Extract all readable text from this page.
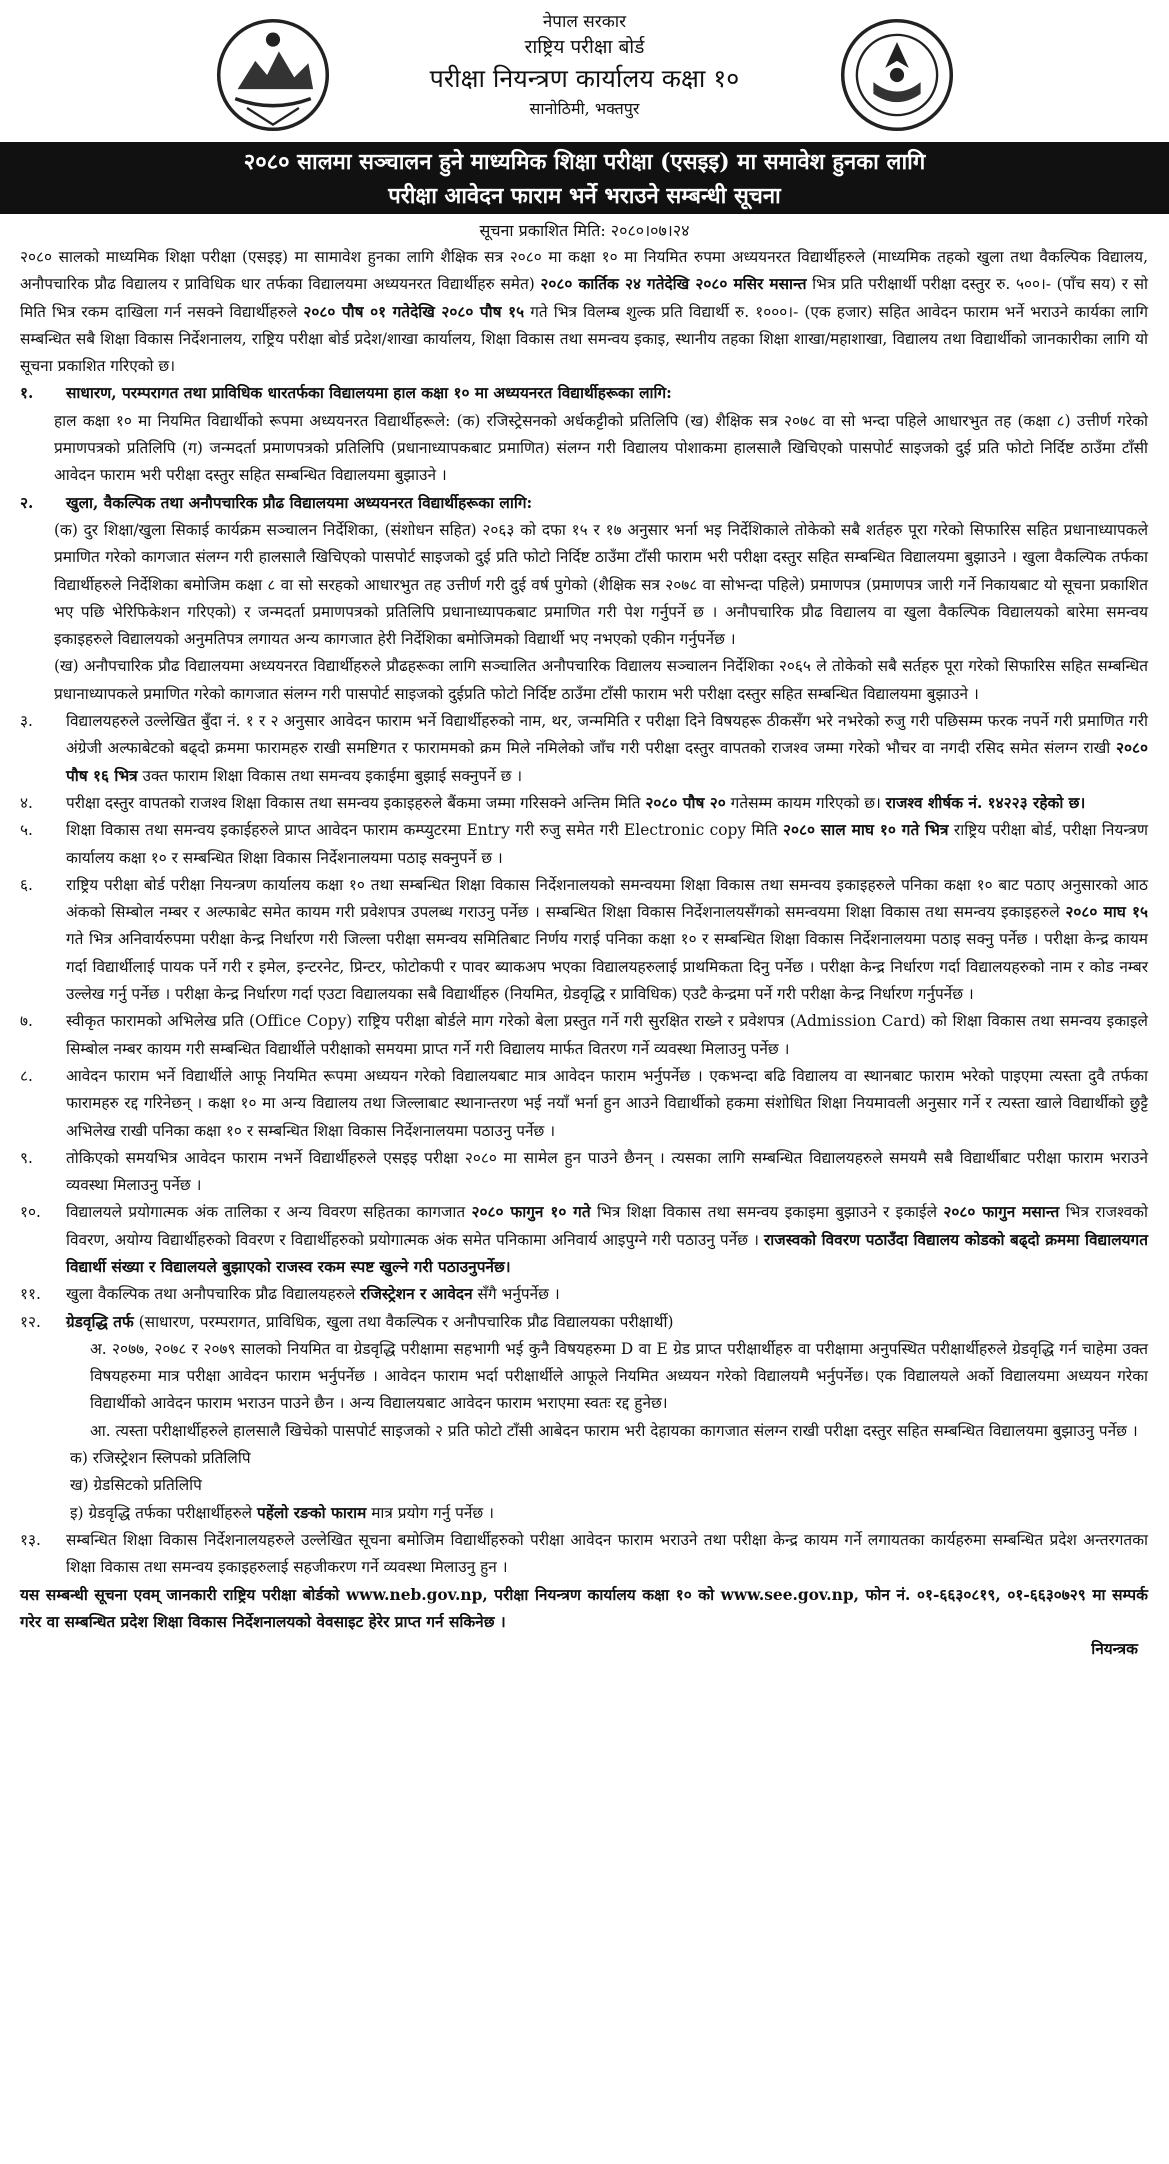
नेपाल सरकार
राष्ट्रिय परीक्षा बोर्ड
परीक्षा नियन्त्रण कार्यालय कक्षा १०
सानोठिमी, भक्तपुर
२०८० सालमा सञ्चालन हुने माध्यमिक शिक्षा परीक्षा (एसइइ) मा समावेश हुनका लागि
परीक्षा आवेदन फाराम भर्ने भराउने सम्बन्धी सूचना
सूचना प्रकाशित मिति: २०८०।०७।२४

२०८० सालको माध्यमिक शिक्षा परीक्षा (एसइइ) मा सामावेश हुनका लागि शैक्षिक सत्र २०८० मा कक्षा १० मा नियमित रुपमा अध्ययनरत विद्यार्थीहरुले (माध्यमिक तहको खुला तथा वैकल्पिक विद्यालय, अनौपचारिक प्रौढ विद्यालय र प्राविधिक धार तर्फका विद्यालयमा अध्ययनरत विद्यार्थीहरु समेत) २०८० कार्तिक २४ गतेदेखि २०८० मसिर मसान्त भित्र प्रति परीक्षार्थी परीक्षा दस्तुर रु. ५००।- (पाँच सय) र सो मिति भित्र रकम दाखिला गर्न नसक्ने विद्यार्थीहरुले २०८० पौष ०१ गतेदेखि २०८० पौष १५ गते भित्र विलम्ब शुल्क प्रति विद्यार्थी रु. १०००।- (एक हजार) सहित आवेदन फाराम भर्ने भराउने कार्यका लागि सम्बन्धित सबै शिक्षा विकास निर्देशनालय, राष्ट्रिय परीक्षा बोर्ड प्रदेश/शाखा कार्यालय, शिक्षा विकास तथा समन्वय इकाइ, स्थानीय तहका शिक्षा शाखा/महाशाखा, विद्यालय तथा विद्यार्थीको जानकारीका लागि यो सूचना प्रकाशित गरिएको छ।

१.	साधारण, परम्परागत तथा प्राविधिक धारतर्फका विद्यालयमा हाल कक्षा १० मा अध्ययनरत विद्यार्थीहरूका लागि:

हाल कक्षा १० मा नियमित विद्यार्थीको रूपमा अध्ययनरत विद्यार्थीहरूले: (क) रजिस्ट्रेसनको अर्धकट्टीको प्रतिलिपि (ख) शैक्षिक सत्र २०७८ वा सो भन्दा पहिले आधारभुत तह (कक्षा ८) उत्तीर्ण गरेको प्रमाणपत्रको प्रतिलिपि (ग) जन्मदर्ता प्रमाणपत्रको प्रतिलिपि (प्रधानाध्यापकबाट प्रमाणित) संलग्न गरी विद्यालय पोशाकमा हालसालै खिचिएको पासपोर्ट साइजको दुई प्रति फोटो निर्दिष्ट ठाउँमा टाँसी आवेदन फाराम भरी परीक्षा दस्तुर सहित सम्बन्धित विद्यालयमा बुझाउने ।

२.	खुला, वैकल्पिक तथा अनौपचारिक प्रौढ विद्यालयमा अध्ययनरत विद्यार्थीहरूका लागि:

(क) दुर शिक्षा/खुला सिकाई कार्यक्रम सञ्चालन निर्देशिका, (संशोधन सहित) २०६३ को दफा १५ र १७ अनुसार भर्ना भइ निर्देशिकाले तोकेको सबै शर्तहरु पूरा गरेको सिफारिस सहित प्रधानाध्यापकले प्रमाणित गरेको कागजात संलग्न गरी हालसालै खिचिएको पासपोर्ट साइजको दुई प्रति फोटो निर्दिष्ट ठाउँमा टाँसी फाराम भरी परीक्षा दस्तुर सहित सम्बन्धित विद्यालयमा बुझाउने । खुला वैकल्पिक तर्फका विद्यार्थीहरुले निर्देशिका बमोजिम कक्षा ८ वा सो सरहको आधारभुत तह उत्तीर्ण गरी दुई वर्ष पुगेको (शैक्षिक सत्र २०७८ वा सोभन्दा पहिले) प्रमाणपत्र (प्रमाणपत्र जारी गर्ने निकायबाट यो सूचना प्रकाशित भए पछि भेरिफिकेशन गरिएको) र जन्मदर्ता प्रमाणपत्रको प्रतिलिपि प्रधानाध्यापकबाट प्रमाणित गरी पेश गर्नुपर्ने छ । अनौपचारिक प्रौढ विद्यालय वा खुला वैकल्पिक विद्यालयको बारेमा समन्वय इकाइहरुले विद्यालयको अनुमतिपत्र लगायत अन्य कागजात हेरी निर्देशिका बमोजिमको विद्यार्थी भए नभएको एकीन गर्नुपर्नेछ ।

(ख) अनौपचारिक प्रौढ विद्यालयमा अध्ययनरत विद्यार्थीहरुले प्रौढहरूका लागि सञ्चालित अनौपचारिक विद्यालय सञ्चालन निर्देशिका २०६५ ले तोकेको सबै सर्तहरु पूरा गरेको सिफारिस सहित सम्बन्धित प्रधानाध्यापकले प्रमाणित गरेको कागजात संलग्न गरी पासपोर्ट साइजको दुईप्रति फोटो निर्दिष्ट ठाउँमा टाँसी फाराम भरी परीक्षा दस्तुर सहित सम्बन्धित विद्यालयमा बुझाउने ।

३.	विद्यालयहरुले उल्लेखित बुँदा नं. १ र २ अनुसार आवेदन फाराम भर्ने विद्यार्थीहरुको नाम, थर, जन्ममिति र परीक्षा दिने विषयहरू ठीकसँग भरे नभरेको रुजु गरी पछिसम्म फरक नपर्ने गरी प्रमाणित गरी अंग्रेजी अल्फाबेटको बढ्दो क्रममा फारामहरु राखी समष्टिगत र फाराममको क्रम मिले नमिलेको जाँच गरी परीक्षा दस्तुर वापतको राजश्व जम्मा गरेको भौचर वा नगदी रसिद समेत संलग्न राखी २०८० पौष १६ भित्र उक्त फाराम शिक्षा विकास तथा समन्वय इकाईमा बुझाई सक्नुपर्ने छ ।
४.	परीक्षा दस्तुर वापतको राजश्व शिक्षा विकास तथा समन्वय इकाइहरुले बैंकमा जम्मा गरिसक्ने अन्तिम मिति २०८० पौष २० गतेसम्म कायम गरिएको छ। राजश्व शीर्षक नं. १४२२३ रहेको छ।
५.	शिक्षा विकास तथा समन्वय इकाईहरुले प्राप्त आवेदन फाराम कम्प्युटरमा Entry गरी रुजु समेत गरी Electronic copy मिति २०८० साल माघ १० गते भित्र राष्ट्रिय परीक्षा बोर्ड, परीक्षा नियन्त्रण कार्यालय कक्षा १० र सम्बन्धित शिक्षा विकास निर्देशनालयमा पठाइ सक्नुपर्ने छ ।
६.	राष्ट्रिय परीक्षा बोर्ड परीक्षा नियन्त्रण कार्यालय कक्षा १० तथा सम्बन्धित शिक्षा विकास निर्देशनालयको समन्वयमा शिक्षा विकास तथा समन्वय इकाइहरुले पनिका कक्षा १० बाट पठाए अनुसारको आठ अंकको सिम्बोल नम्बर र अल्फाबेट समेत कायम गरी प्रवेशपत्र उपलब्ध गराउनु पर्नेछ । सम्बन्धित शिक्षा विकास निर्देशनालयसँगको समन्वयमा शिक्षा विकास तथा समन्वय इकाइहरुले २०८० माघ १५ गते भित्र अनिवार्यरुपमा परीक्षा केन्द्र निर्धारण गरी जिल्ला परीक्षा समन्वय समितिबाट निर्णय गराई पनिका कक्षा १० र सम्बन्धित शिक्षा विकास निर्देशनालयमा पठाइ सक्नु पर्नेछ । परीक्षा केन्द्र कायम गर्दा विद्यार्थीलाई पायक पर्ने गरी र इमेल, इन्टरनेट, प्रिन्टर, फोटोकपी र पावर ब्याकअप भएका विद्यालयहरुलाई प्राथमिकता दिनु पर्नेछ । परीक्षा केन्द्र निर्धारण गर्दा विद्यालयहरुको नाम र कोड नम्बर उल्लेख गर्नु पर्नेछ । परीक्षा केन्द्र निर्धारण गर्दा एउटा विद्यालयका सबै विद्यार्थीहरु (नियमित, ग्रेडवृद्धि र प्राविधिक) एउटै केन्द्रमा पर्ने गरी परीक्षा केन्द्र निर्धारण गर्नुपर्नेछ ।
७.	स्वीकृत फारामको अभिलेख प्रति (Office Copy) राष्ट्रिय परीक्षा बोर्डले माग गरेको बेला प्रस्तुत गर्ने गरी सुरक्षित राख्ने र प्रवेशपत्र (Admission Card) को शिक्षा विकास तथा समन्वय इकाइले सिम्बोल नम्बर कायम गरी सम्बन्धित विद्यार्थीले परीक्षाको समयमा प्राप्त गर्ने गरी विद्यालय मार्फत वितरण गर्ने व्यवस्था मिलाउनु पर्नेछ ।
८.	आवेदन फाराम भर्ने विद्यार्थीले आफू नियमित रूपमा अध्ययन गरेको विद्यालयबाट मात्र आवेदन फाराम भर्नुपर्नेछ । एकभन्दा बढि विद्यालय वा स्थानबाट फाराम भरेको पाइएमा त्यस्ता दुवै तर्फका फारामहरु रद्द गरिनेछन् । कक्षा १० मा अन्य विद्यालय तथा जिल्लाबाट स्थानान्तरण भई नयाँ भर्ना हुन आउने विद्यार्थीको हकमा संशोधित शिक्षा नियमावली अनुसार गर्ने र त्यस्ता खाले विद्यार्थीको छुट्टै अभिलेख राखी पनिका कक्षा १० र सम्बन्धित शिक्षा विकास निर्देशनालयमा पठाउनु पर्नेछ ।
९.	तोकिएको समयभित्र आवेदन फाराम नभर्ने विद्यार्थीहरुले एसइइ परीक्षा २०८० मा सामेल हुन पाउने छैनन् । त्यसका लागि सम्बन्धित विद्यालयहरुले समयमै सबै विद्यार्थीबाट परीक्षा फाराम भराउने व्यवस्था मिलाउनु पर्नेछ ।
१०.	विद्यालयले प्रयोगात्मक अंक तालिका र अन्य विवरण सहितका कागजात २०८० फागुन १० गते भित्र शिक्षा विकास तथा समन्वय इकाइमा बुझाउने र इकाईले २०८० फागुन मसान्त भित्र राजश्वको विवरण, अयोग्य विद्यार्थीहरुको विवरण र विद्यार्थीहरुको प्रयोगात्मक अंक समेत पनिकामा अनिवार्य आइपुग्ने गरी पठाउनु पर्नेछ । राजस्वको विवरण पठाउँदा विद्यालय कोडको बढ्दो क्रममा विद्यालयगत विद्यार्थी संख्या र विद्यालयले बुझाएको राजस्व रकम स्पष्ट खुल्ने गरी पठाउनुपर्नेछ।
११.	खुला वैकल्पिक तथा अनौपचारिक प्रौढ विद्यालयहरुले रजिस्ट्रेशन र आवेदन सँगै भर्नुपर्नेछ ।
१२.	ग्रेडवृद्धि तर्फ (साधारण, परम्परागत, प्राविधिक, खुला तथा वैकल्पिक र अनौपचारिक प्रौढ विद्यालयका परीक्षार्थी)

अ. २०७७, २०७८ र २०७९ सालको नियमित वा ग्रेडवृद्धि परीक्षामा सहभागी भई कुनै विषयहरुमा D वा E ग्रेड प्राप्त परीक्षार्थीहरु वा परीक्षामा अनुपस्थित परीक्षार्थीहरुले ग्रेडवृद्धि गर्न चाहेमा उक्त विषयहरुमा मात्र परीक्षा आवेदन फाराम भर्नुपर्नेछ । आवेदन फाराम भर्दा परीक्षार्थीले आफूले नियमित अध्ययन गरेको विद्यालयमै भर्नुपर्नेछ। एक विद्यालयले अर्को विद्यालयमा अध्ययन गरेका विद्यार्थीको आवेदन फाराम भराउन पाउने छैन । अन्य विद्यालयबाट आवेदन फाराम भराएमा स्वतः रद्द हुनेछ।

आ. त्यस्ता परीक्षार्थीहरुले हालसालै खिचेको पासपोर्ट साइजको २ प्रति फोटो टाँसी आबेदन फाराम भरी देहायका कागजात संलग्न राखी परीक्षा दस्तुर सहित सम्बन्धित विद्यालयमा बुझाउनु पर्नेछ ।

क) रजिस्ट्रेशन स्लिपको प्रतिलिपि

ख) ग्रेडसिटको प्रतिलिपि

इ) ग्रेडवृद्धि तर्फका परीक्षार्थीहरुले पहेंलो रङको फाराम मात्र प्रयोग गर्नु पर्नेछ ।

१३.	सम्बन्धित शिक्षा विकास निर्देशनालयहरुले उल्लेखित सूचना बमोजिम विद्यार्थीहरुको परीक्षा आवेदन फाराम भराउने तथा परीक्षा केन्द्र कायम गर्ने लगायतका कार्यहरुमा सम्बन्धित प्रदेश अन्तरगतका शिक्षा विकास तथा समन्वय इकाइहरुलाई सहजीकरण गर्ने व्यवस्था मिलाउनु हुन ।

यस सम्बन्धी सूचना एवम् जानकारी राष्ट्रिय परीक्षा बोर्डको www.neb.gov.np, परीक्षा नियन्त्रण कार्यालय कक्षा १० को www.see.gov.np, फोन नं. ०१-६६३०८१९, ०१-६६३०७२९ मा सम्पर्क गरेर वा सम्बन्धित प्रदेश शिक्षा विकास निर्देशनालयको वेवसाइट हेरेर प्राप्त गर्न सकिनेछ ।

नियन्त्रक
